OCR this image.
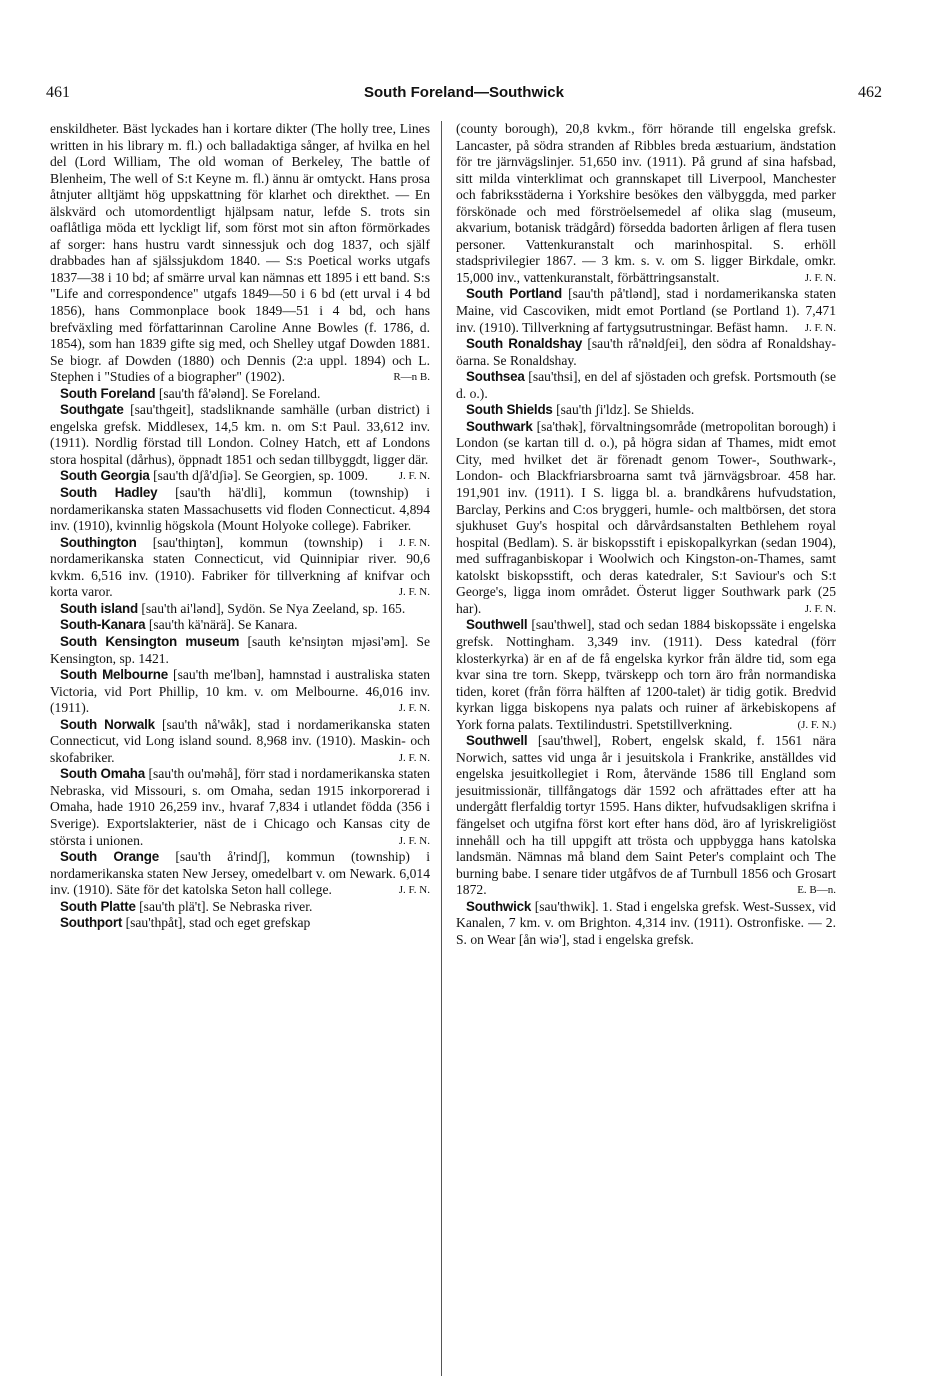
461	South Foreland—Southwick	462

enskildheter. Bäst lyckades han i kortare dikter (The holly tree, Lines written in his library m. fl.) och balladaktiga sånger, af hvilka en hel del (Lord William, The old woman of Berkeley, The battle of Blenheim, The well of S:t Keyne m. fl.) ännu är omtyckt. Hans prosa åtnjuter alltjämt hög uppskattning för klarhet och direkthet. — En älskvärd och utomordentligt hjälpsam natur, lefde S. trots sin oaflåtliga möda ett lyckligt lif, som först mot sin afton förmörkades af sorger: hans hustru vardt sinnessjuk och dog 1837, och själf drabbades han af själssjukdom 1840. — S:s Poetical works utgafs 1837—38 i 10 bd; af smärre urval kan nämnas ett 1895 i ett band. S:s "Life and correspondence" utgafs 1849—50 i 6 bd (ett urval i 4 bd 1856), hans Commonplace book 1849—51 i 4 bd, och hans brefväxling med författarinnan Caroline Anne Bowles (f. 1786, d. 1854), som han 1839 gifte sig med, och Shelley utgaf Dowden 1881. Se biogr. af Dowden (1880) och Dennis (2:a uppl. 1894) och L. Stephen i "Studies of a biographer" (1902).	R—n B.

South Foreland [sau'th få'ələnd]. Se Foreland.

Southgate [sau'thgeit], stadsliknande samhälle (urban district) i engelska grefsk. Middlesex, 14,5 km. n. om S:t Paul. 33,612 inv. (1911). Nordlig förstad till London. Colney Hatch, ett af Londons stora hospital (dårhus), öppnadt 1851 och sedan tillbyggdt, ligger där.
J. F. N.

South Georgia [sau'th dʃå'dʃiə]. Se Georgien, sp. 1009.

South Hadley [sau'th hä'dli], kommun (township) i nordamerikanska staten Massachusetts vid floden Connecticut. 4,894 inv. (1910), kvinnlig högskola (Mount Holyoke college). Fabriker.
J. F. N.

Southington [sau'thiŋtən], kommun (township) i nordamerikanska staten Connecticut, vid Quinnipiar river. 90,6 kvkm. 6,516 inv. (1910). Fabriker för tillverkning af knifvar och korta varor.	J. F. N.

South island [sau'th ai'lənd], Sydön. Se Nya Zeeland, sp. 165.

South-Kanara [sau'th kä'närä]. Se Kanara.

South Kensington museum [sauth ke'nsiŋtən mjəsi'əm]. Se Kensington, sp. 1421.

South Melbourne [sau'th me'lbən], hamnstad i australiska staten Victoria, vid Port Phillip, 10 km. v. om Melbourne. 46,016 inv. (1911).	J. F. N.

South Norwalk [sau'th nå'wåk], stad i nordamerikanska staten Connecticut, vid Long island sound. 8,968 inv. (1910). Maskin- och skofabriker.	J. F. N.

South Omaha [sau'th ou'məhå], förr stad i nordamerikanska staten Nebraska, vid Missouri, s. om Omaha, sedan 1915 inkorporerad i Omaha, hade 1910 26,259 inv., hvaraf 7,834 i utlandet födda (356 i Sverige). Exportslakterier, näst de i Chicago och Kansas city de största i unionen.	J. F. N.

South Orange [sau'th å'rindʃ], kommun (township) i nordamerikanska staten New Jersey, omedelbart v. om Newark. 6,014 inv. (1910). Säte för det katolska Seton hall college.	J. F. N.

South Platte [sau'th plä't]. Se Nebraska river.

Southport [sau'thpåt], stad och eget grefskap

(county borough), 20,8 kvkm., förr hörande till engelska grefsk. Lancaster, på södra stranden af Ribbles breda æstuarium, ändstation för tre järnvägslinjer. 51,650 inv. (1911). På grund af sina hafsbad, sitt milda vinterklimat och grannskapet till Liverpool, Manchester och fabriksstäderna i Yorkshire besökes den välbyggda, med parker förskönade och med förströelsemedel af olika slag (museum, akvarium, botanisk trädgård) försedda badorten årligen af flera tusen personer. Vattenkuranstalt och marinhospital. S. erhöll stadsprivilegier 1867. — 3 km. s. v. om S. ligger Birkdale, omkr. 15,000 inv., vattenkuranstalt, förbättringsanstalt.	J. F. N.

South Portland [sau'th på'tlənd], stad i nordamerikanska staten Maine, vid Cascoviken, midt emot Portland (se Portland 1). 7,471 inv. (1910). Tillverkning af fartygsutrustningar. Befäst hamn.	J. F. N.

South Ronaldshay [sau'th rå'nəldʃei], den södra af Ronaldshay-öarna. Se Ronaldshay.

Southsea [sau'thsi], en del af sjöstaden och grefsk. Portsmouth (se d. o.).

South Shields [sau'th ʃi'ldz]. Se Shields.

Southwark [sa'thək], förvaltningsområde (metropolitan borough) i London (se kartan till d. o.), på högra sidan af Thames, midt emot City, med hvilket det är förenadt genom Tower-, Southwark-, London- och Blackfriarsbroarna samt två järnvägsbroar. 458 har. 191,901 inv. (1911). I S. ligga bl. a. brandkårens hufvudstation, Barclay, Perkins and C:os bryggeri, humle- och maltbörsen, det stora sjukhuset Guy's hospital och dårvårdsanstalten Bethlehem royal hospital (Bedlam). S. är biskopsstift i episkopalkyrkan (sedan 1904), med suffraganbiskopar i Woolwich och Kingston-on-Thames, samt katolskt biskopsstift, och deras katedraler, S:t Saviour's och S:t George's, ligga inom området. Österut ligger Southwark park (25 har).	J. F. N.

Southwell [sau'thwel], stad och sedan 1884 biskopssäte i engelska grefsk. Nottingham. 3,349 inv. (1911). Dess katedral (förr klosterkyrka) är en af de få engelska kyrkor från äldre tid, som ega kvar sina tre torn. Skepp, tvärskepp och torn äro från normandiska tiden, koret (från förra hälften af 1200-talet) är tidig gotik. Bredvid kyrkan ligga biskopens nya palats och ruiner af ärkebiskopens af York forna palats. Textilindustri. Spetstillverkning.	(J. F. N.)

Southwell [sau'thwel], Robert, engelsk skald, f. 1561 nära Norwich, sattes vid unga år i jesuitskola i Frankrike, anställdes vid engelska jesuitkollegiet i Rom, återvände 1586 till England som jesuitmissionär, tillfångatogs där 1592 och afrättades efter att ha undergått flerfaldig tortyr 1595. Hans dikter, hufvudsakligen skrifna i fängelset och utgifna först kort efter hans död, äro af lyriskreligiöst innehåll och ha till uppgift att trösta och uppbygga hans katolska landsmän. Nämnas må bland dem Saint Peter's complaint och The burning babe. I senare tider utgåfvos de af Turnbull 1856 och Grosart 1872.	E. B—n.

Southwick [sau'thwik]. 1. Stad i engelska grefsk. West-Sussex, vid Kanalen, 7 km. v. om Brighton. 4,314 inv. (1911). Ostronfiske. — 2. S. on Wear [ån wiə'], stad i engelska grefsk.
